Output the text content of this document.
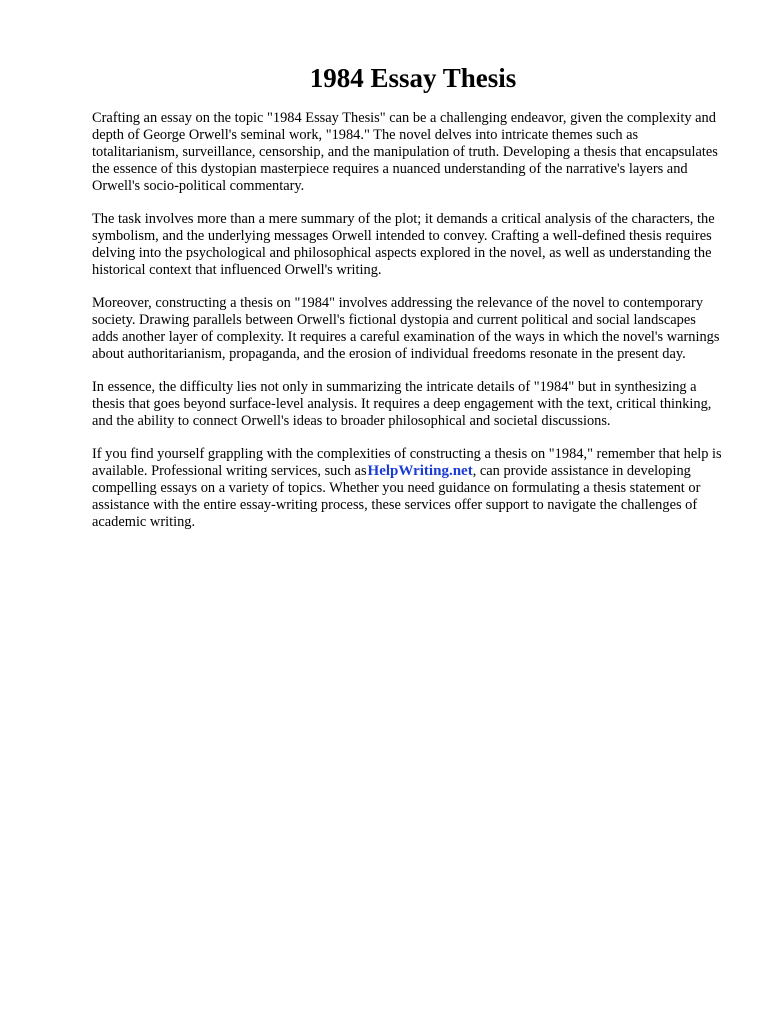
1984 Essay Thesis

Crafting an essay on the topic "1984 Essay Thesis" can be a challenging endeavor, given the complexity and depth of George Orwell's seminal work, "1984." The novel delves into intricate themes such as totalitarianism, surveillance, censorship, and the manipulation of truth. Developing a thesis that encapsulates the essence of this dystopian masterpiece requires a nuanced understanding of the narrative's layers and Orwell's socio-political commentary.

The task involves more than a mere summary of the plot; it demands a critical analysis of the characters, the symbolism, and the underlying messages Orwell intended to convey. Crafting a well-defined thesis requires delving into the psychological and philosophical aspects explored in the novel, as well as understanding the historical context that influenced Orwell's writing.

Moreover, constructing a thesis on "1984" involves addressing the relevance of the novel to contemporary society. Drawing parallels between Orwell's fictional dystopia and current political and social landscapes adds another layer of complexity. It requires a careful examination of the ways in which the novel's warnings about authoritarianism, propaganda, and the erosion of individual freedoms resonate in the present day.

In essence, the difficulty lies not only in summarizing the intricate details of "1984" but in synthesizing a thesis that goes beyond surface-level analysis. It requires a deep engagement with the text, critical thinking, and the ability to connect Orwell's ideas to broader philosophical and societal discussions.

If you find yourself grappling with the complexities of constructing a thesis on "1984," remember that help is available. Professional writing services, such asHelpWriting.net, can provide assistance in developing compelling essays on a variety of topics. Whether you need guidance on formulating a thesis statement or assistance with the entire essay-writing process, these services offer support to navigate the challenges of academic writing.
